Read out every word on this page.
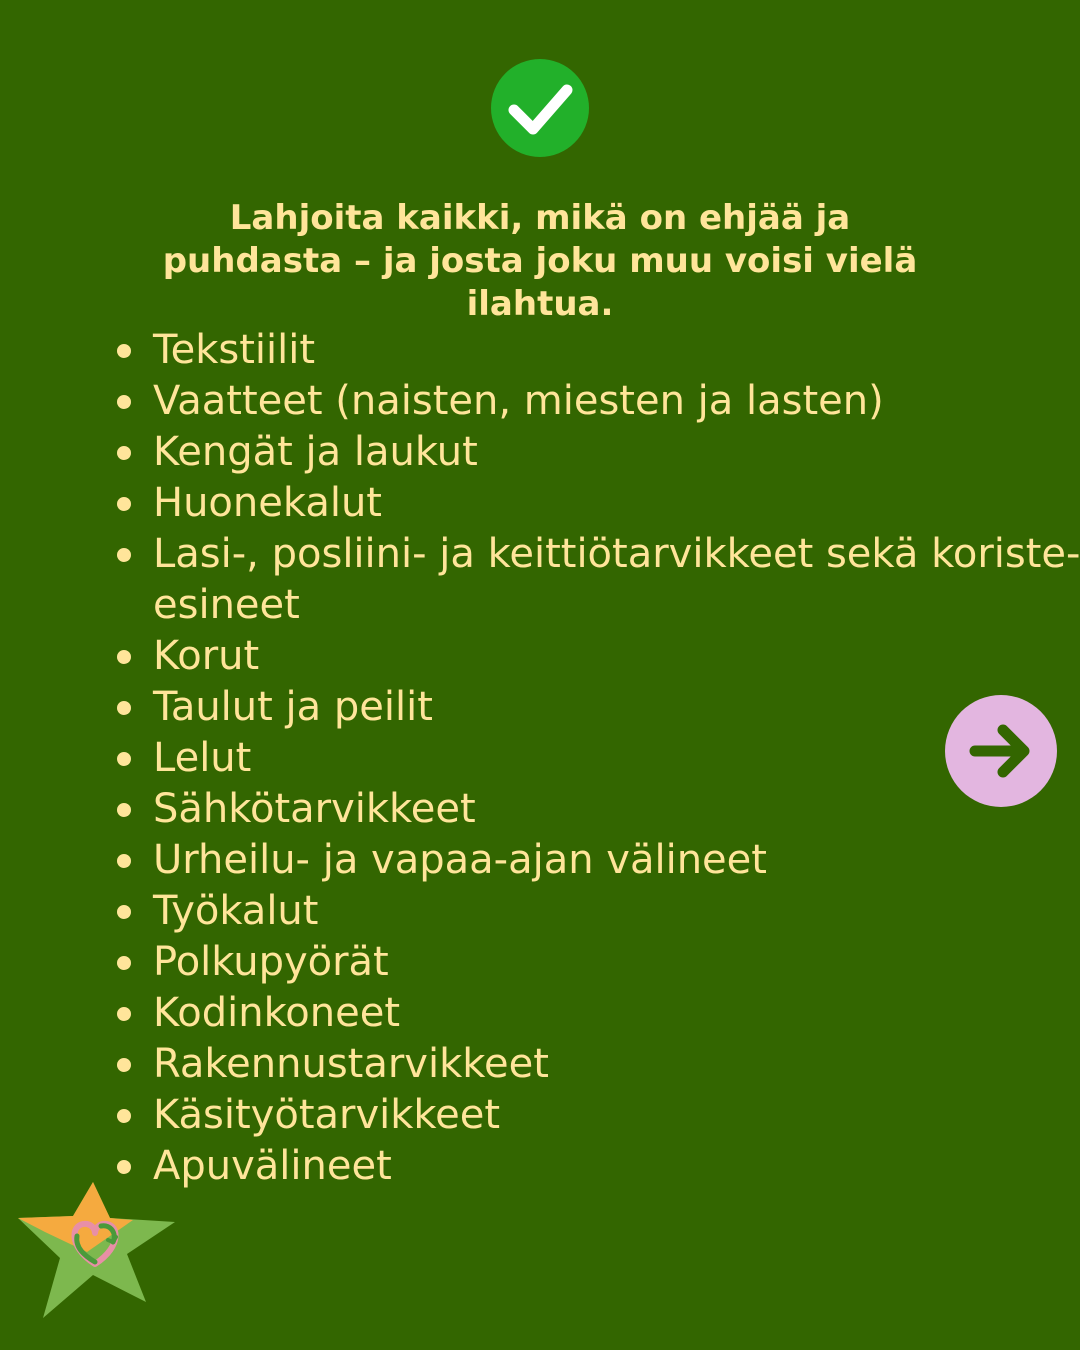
Lahjoita kaikki, mikä on ehjää ja
puhdasta – ja josta joku muu voisi vielä
ilahtua.
Tekstiilit
Vaatteet (naisten, miesten ja lasten)
Kengät ja laukut
Huonekalut
Lasi-, posliini- ja keittiötarvikkeet sekä koriste-
esineet
Korut
Taulut ja peilit
Lelut
Sähkötarvikkeet
Urheilu- ja vapaa-ajan välineet
Työkalut
Polkupyörät
Kodinkoneet
Rakennustarvikkeet
Käsityötarvikkeet
Apuvälineet
